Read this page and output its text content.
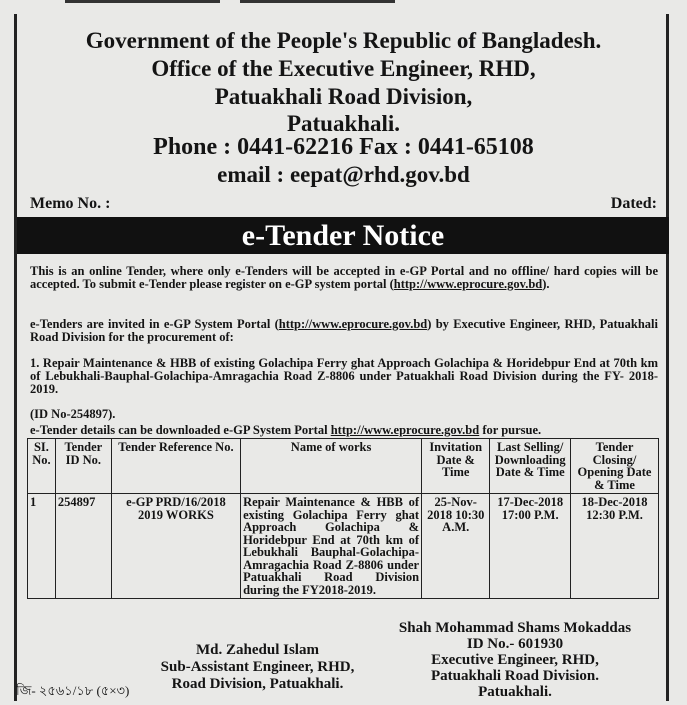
Government of the People's Republic of Bangladesh.
Office of the Executive Engineer, RHD,
Patuakhali Road Division,
Patuakhali.
Phone : 0441-62216 Fax : 0441-65108
email : eepat@rhd.gov.bd
Memo No. :	Dated:
e-Tender Notice
This is an online Tender, where only e-Tenders will be accepted in e-GP Portal and no offline/ hard copies will be accepted. To submit e-Tender please register on e-GP system portal (http://www.eprocure.gov.bd).
e-Tenders are invited in e-GP System Portal (http://www.eprocure.gov.bd) by Executive Engineer, RHD, Patuakhali Road Division for the procurement of:
1. Repair Maintenance & HBB of existing Golachipa Ferry ghat Approach Golachipa & Horidebpur End at 70th km of Lebukhali-Bauphal-Golachipa-Amragachia Road Z-8806 under Patuakhali Road Division during the FY- 2018-2019.
(ID No-254897).
e-Tender details can be downloaded e-GP System Portal http://www.eprocure.gov.bd for pursue.
SI. No.	Tender ID No.	Tender Reference No.	Name of works	Invitation Date & Time	Last Selling/ Downloading Date & Time	Tender Closing/ Opening Date & Time
1	254897	e-GP PRD/16/2018 2019 WORKS	Repair Maintenance & HBB of existing Golachipa Ferry ghat Approach Golachipa & Horidebpur End at 70th km of Lebukhali Bauphal-Golachipa-Amragachia Road Z-8806 under Patuakhali Road Division during the FY2018-2019.	25-Nov-2018 10:30 A.M.	17-Dec-2018 17:00 P.M.	18-Dec-2018 12:30 P.M.
Md. Zahedul Islam
Sub-Assistant Engineer, RHD,
Road Division, Patuakhali.
Shah Mohammad Shams Mokaddas
ID No.- 601930
Executive Engineer, RHD,
Patuakhali Road Division.
Patuakhali.
জি- ২৫৬১/১৮ (৫×৩)
